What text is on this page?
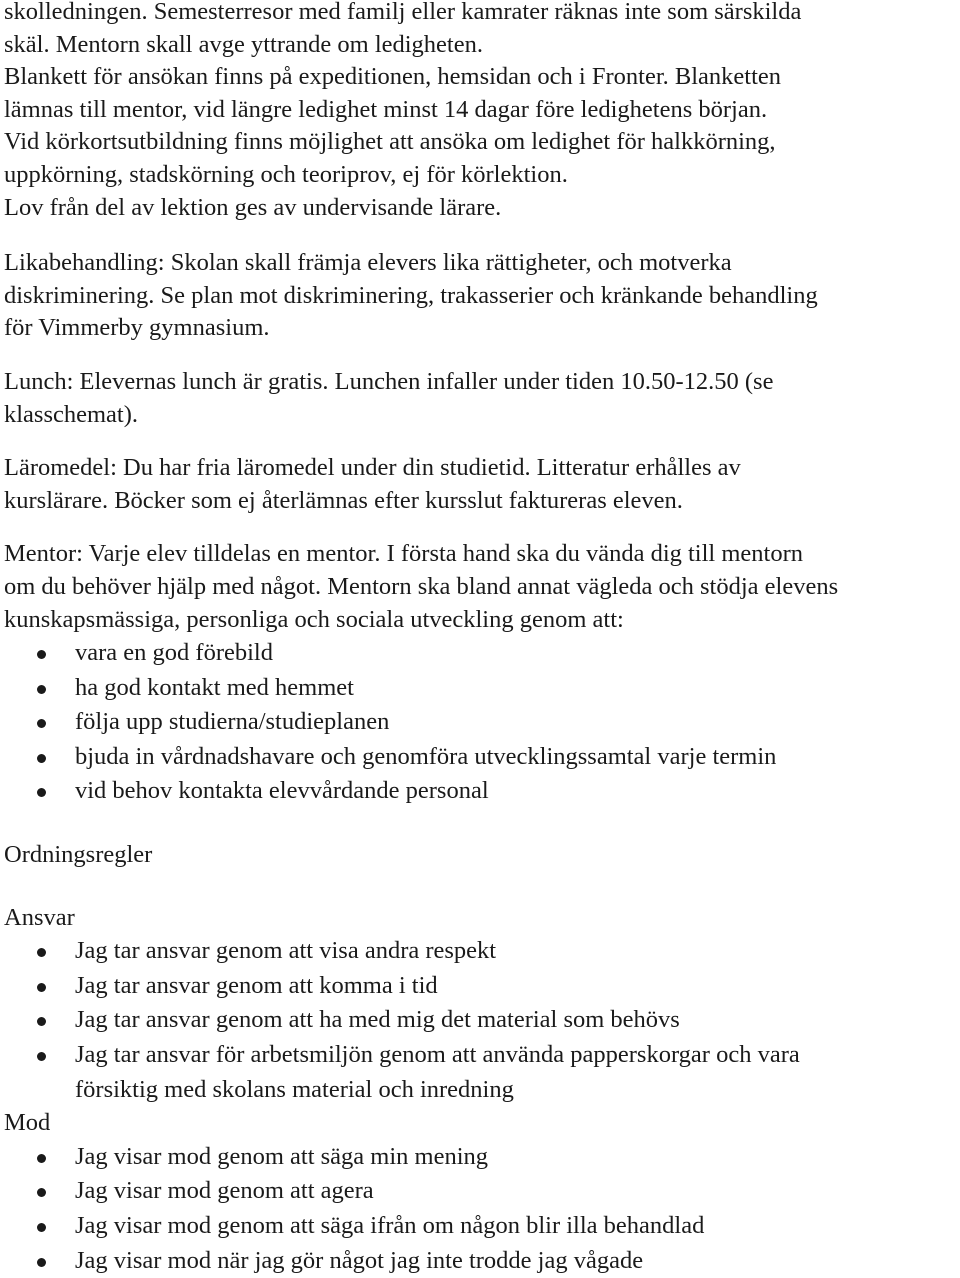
skolledningen. Semesterresor med familj eller kamrater räknas inte som särskilda

skäl. Mentorn skall avge yttrande om ledigheten.

Blankett för ansökan finns på expeditionen, hemsidan och i Fronter. Blanketten

lämnas till mentor, vid längre ledighet minst 14 dagar före ledighetens början.

Vid körkortsutbildning finns möjlighet att ansöka om ledighet för halkkörning,

uppkörning, stadskörning och teoriprov, ej för körlektion.

Lov från del av lektion ges av undervisande lärare.

Likabehandling: Skolan skall främja elevers lika rättigheter, och motverka

diskriminering. Se plan mot diskriminering, trakasserier och kränkande behandling

för Vimmerby gymnasium.

Lunch: Elevernas lunch är gratis. Lunchen infaller under tiden 10.50-12.50 (se

klasschemat).

Läromedel: Du har fria läromedel under din studietid. Litteratur erhålles av

kurslärare. Böcker som ej återlämnas efter kursslut faktureras eleven.

Mentor: Varje elev tilldelas en mentor. I första hand ska du vända dig till mentorn

om du behöver hjälp med något. Mentorn ska bland annat vägleda och stödja elevens

kunskapsmässiga, personliga och sociala utveckling genom att:

vara en god förebild
ha god kontakt med hemmet
följa upp studierna/studieplanen
bjuda in vårdnadshavare och genomföra utvecklingssamtal varje termin
vid behov kontakta elevvårdande personal

Ordningsregler

Ansvar

Jag tar ansvar genom att visa andra respekt
Jag tar ansvar genom att komma i tid
Jag tar ansvar genom att ha med mig det material som behövs
Jag tar ansvar för arbetsmiljön genom att använda papperskorgar och vara
försiktig med skolans material och inredning

Mod

Jag visar mod genom att säga min mening
Jag visar mod genom att agera
Jag visar mod genom att säga ifrån om någon blir illa behandlad
Jag visar mod när jag gör något jag inte trodde jag vågade
